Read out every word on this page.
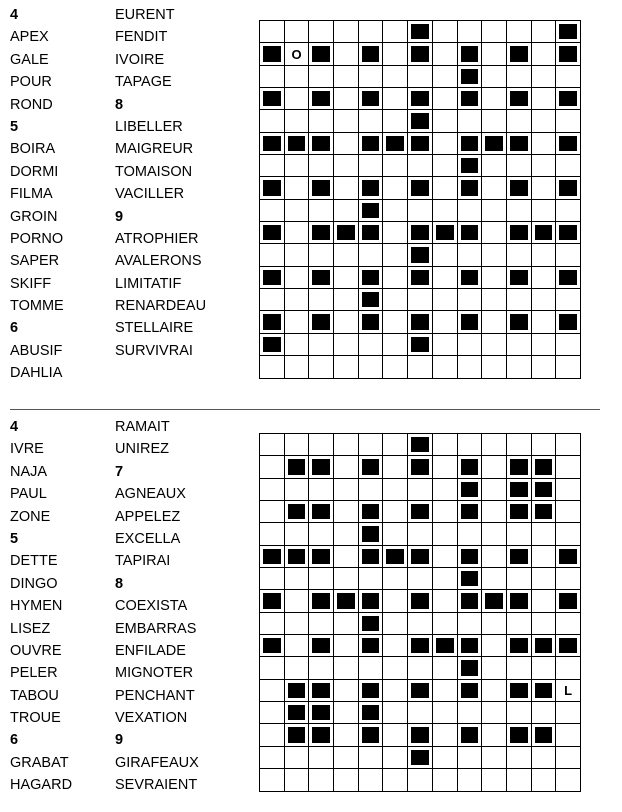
4
APEX
GALE
POUR
ROND
5
BOIRA
DORMI
FILMA
GROIN
PORNO
SAPER
SKIFF
TOMME
6
ABUSIF
DAHLIA
EURENT
FENDIT
IVOIRE
TAPAGE
8
LIBELLER
MAIGREUR
TOMAISON
VACILLER
9
ATROPHIER
AVALERONS
LIMITATIF
RENARDEAU
STELLAIRE
SURVIVRAI
O
4
IVRE
NAJA
PAUL
ZONE
5
DETTE
DINGO
HYMEN
LISEZ
OUVRE
PELER
TABOU
TROUE
6
GRABAT
HAGARD
RAMAIT
UNIREZ
7
AGNEAUX
APPELEZ
EXCELLA
TAPIRAI
8
COEXISTA
EMBARRAS
ENFILADE
MIGNOTER
PENCHANT
VEXATION
9
GIRAFEAUX
SEVRAIENT
L
